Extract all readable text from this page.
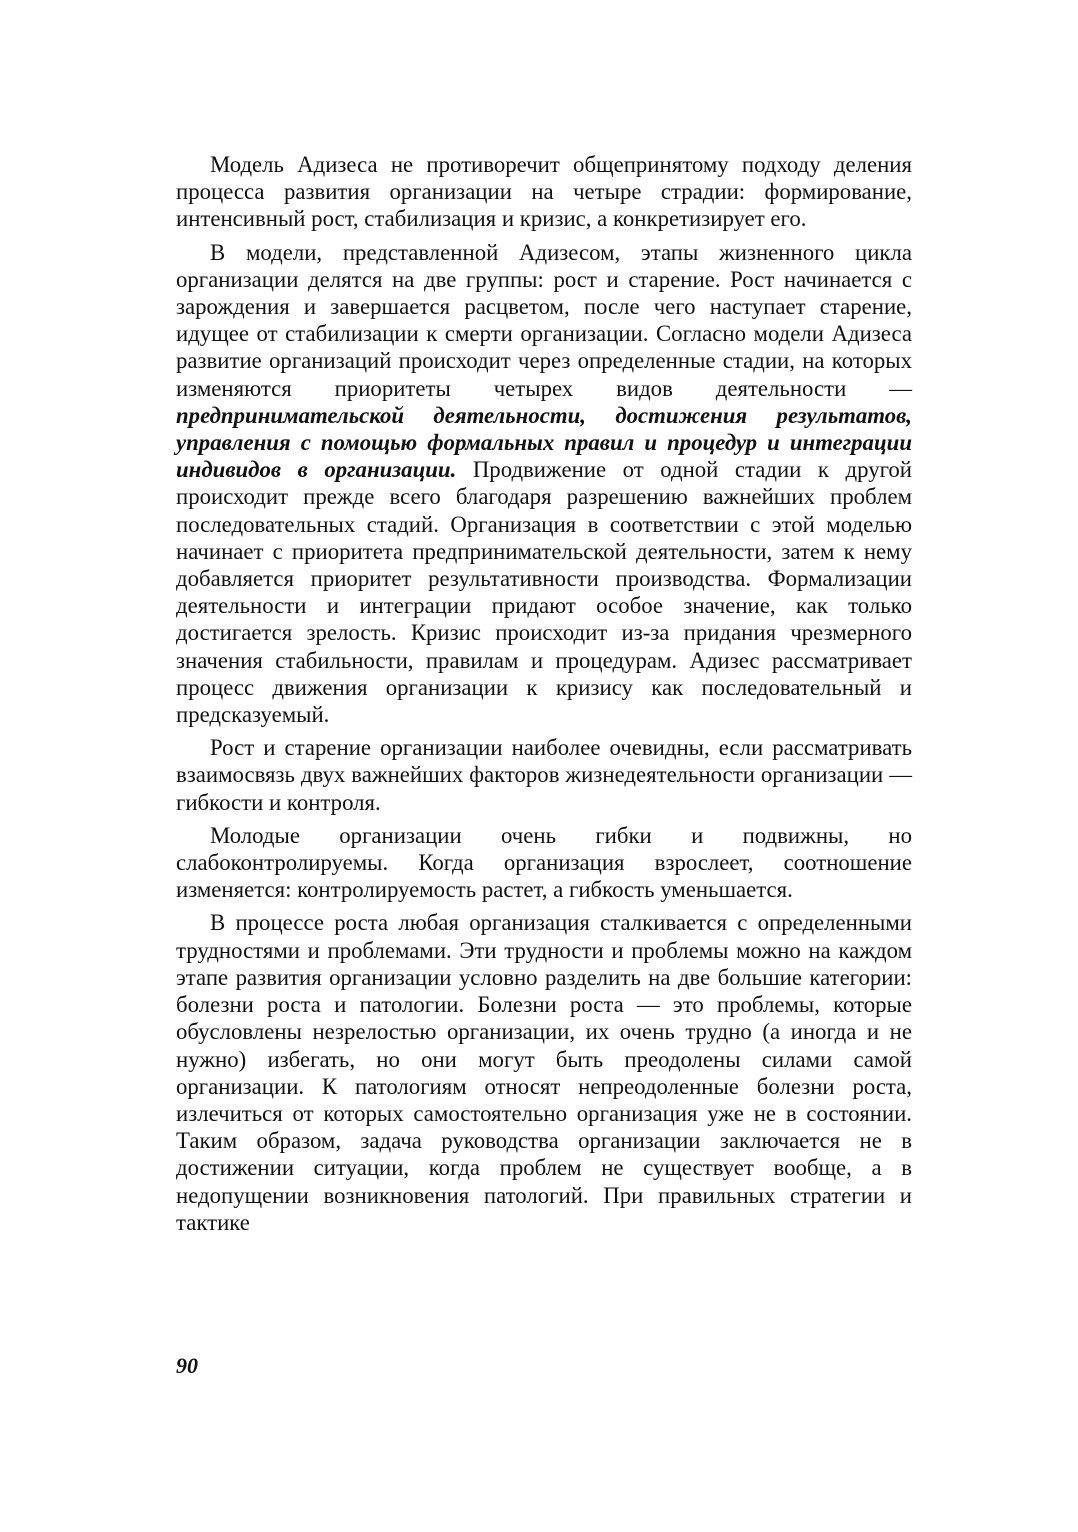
Модель Адизеса не противоречит общепринятому подходу деления процесса развития организации на четыре страдии: формирование, интенсивный рост, стабилизация и кризис, а конкретизирует его.

В модели, представленной Адизесом, этапы жизненного цикла организации делятся на две группы: рост и старение. Рост начинается с зарождения и завершается расцветом, после чего наступает старение, идущее от стабилизации к смерти организации. Согласно модели Адизеса развитие организаций происходит через определенные стадии, на которых изменяются приоритеты четырех видов деятельности — предпринимательской деятельности, достижения результатов, управления с помощью формальных правил и процедур и интеграции индивидов в организации. Продвижение от одной стадии к другой происходит прежде всего благодаря разрешению важнейших проблем последовательных стадий. Организация в соответствии с этой моделью начинает с приоритета предпринимательской деятельности, затем к нему добавляется приоритет результативности производства. Формализации деятельности и интеграции придают особое значение, как только достигается зрелость. Кризис происходит из-за придания чрезмерного значения стабильности, правилам и процедурам. Адизес рассматривает процесс движения организации к кризису как последовательный и предсказуемый.

Рост и старение организации наиболее очевидны, если рассматривать взаимосвязь двух важнейших факторов жизнедеятельности организации — гибкости и контроля.

Молодые организации очень гибки и подвижны, но слабоконтролируемы. Когда организация взрослеет, соотношение изменяется: контролируемость растет, а гибкость уменьшается.

В процессе роста любая организация сталкивается с определенными трудностями и проблемами. Эти трудности и проблемы можно на каждом этапе развития организации условно разделить на две большие категории: болезни роста и патологии. Болезни роста — это проблемы, которые обусловлены незрелостью организации, их очень трудно (а иногда и не нужно) избегать, но они могут быть преодолены силами самой организации. К патологиям относят непреодоленные болезни роста, излечиться от которых самостоятельно организация уже не в состоянии. Таким образом, задача руководства организации заключается не в достижении ситуации, когда проблем не существует вообще, а в недопущении возникновения патологий. При правильных стратегии и тактике

90
